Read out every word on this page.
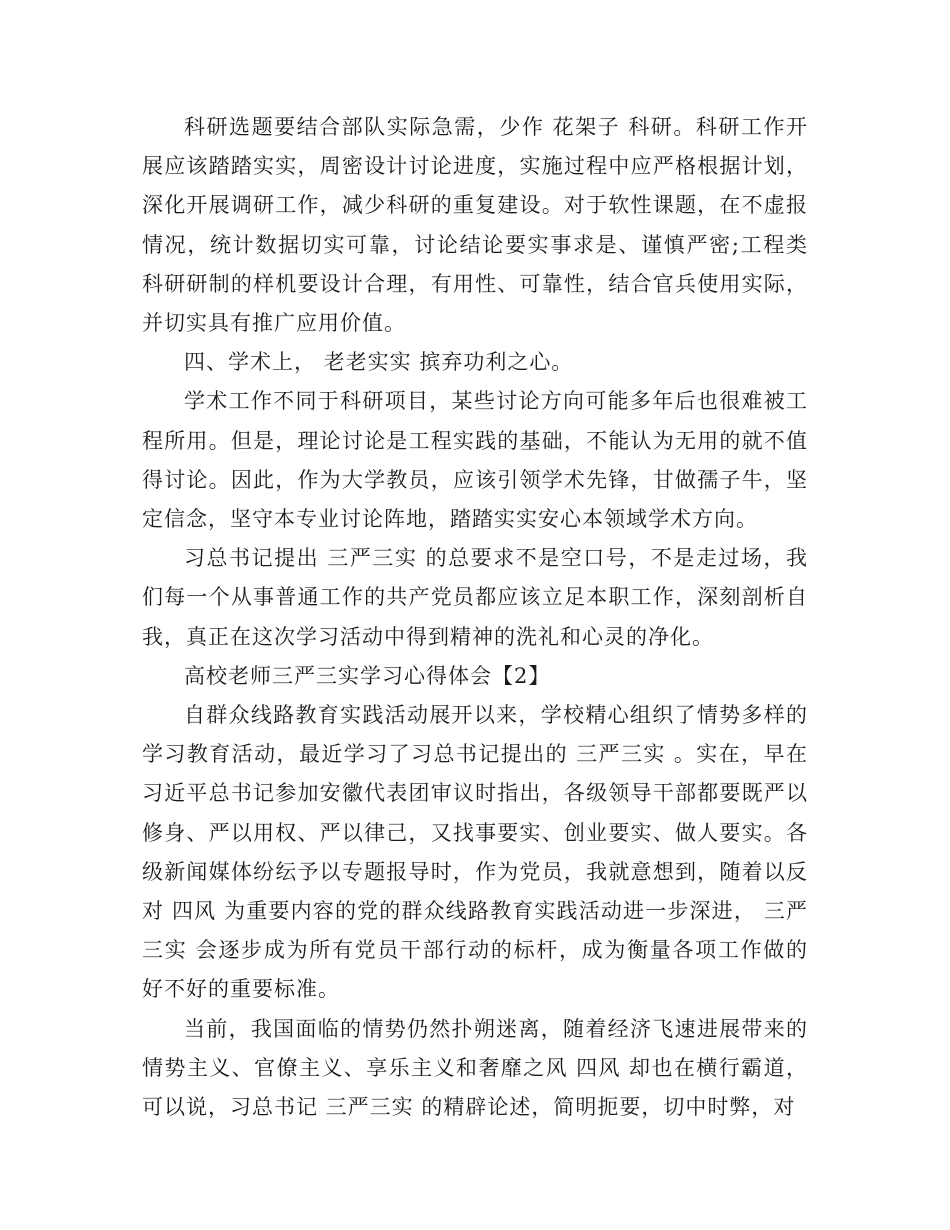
科研选题要结合部队实际急需，少作 花架子 科研。科研工作开展应该踏踏实实，周密设计讨论进度，实施过程中应严格根据计划，深化开展调研工作，减少科研的重复建设。对于软性课题，在不虚报情况，统计数据切实可靠，讨论结论要实事求是、谨慎严密;工程类科研研制的样机要设计合理，有用性、可靠性，结合官兵使用实际，并切实具有推广应用价值。

四、学术上， 老老实实 摈弃功利之心。

学术工作不同于科研项目，某些讨论方向可能多年后也很难被工程所用。但是，理论讨论是工程实践的基础，不能认为无用的就不值得讨论。因此，作为大学教员，应该引领学术先锋，甘做孺子牛，坚定信念，坚守本专业讨论阵地，踏踏实实安心本领域学术方向。

习总书记提出 三严三实 的总要求不是空口号，不是走过场，我们每一个从事普通工作的共产党员都应该立足本职工作，深刻剖析自我，真正在这次学习活动中得到精神的洗礼和心灵的净化。

高校老师三严三实学习心得体会【2】

自群众线路教育实践活动展开以来，学校精心组织了情势多样的学习教育活动，最近学习了习总书记提出的 三严三实 。实在，早在习近平总书记参加安徽代表团审议时指出，各级领导干部都要既严以修身、严以用权、严以律己，又找事要实、创业要实、做人要实。各级新闻媒体纷纭予以专题报导时，作为党员，我就意想到，随着以反对 四风 为重要内容的党的群众线路教育实践活动进一步深进， 三严三实 会逐步成为所有党员干部行动的标杆，成为衡量各项工作做的好不好的重要标准。

当前，我国面临的情势仍然扑朔迷离，随着经济飞速进展带来的情势主义、官僚主义、享乐主义和奢靡之风 四风 却也在横行霸道，可以说，习总书记 三严三实 的精辟论述，简明扼要，切中时弊，对
